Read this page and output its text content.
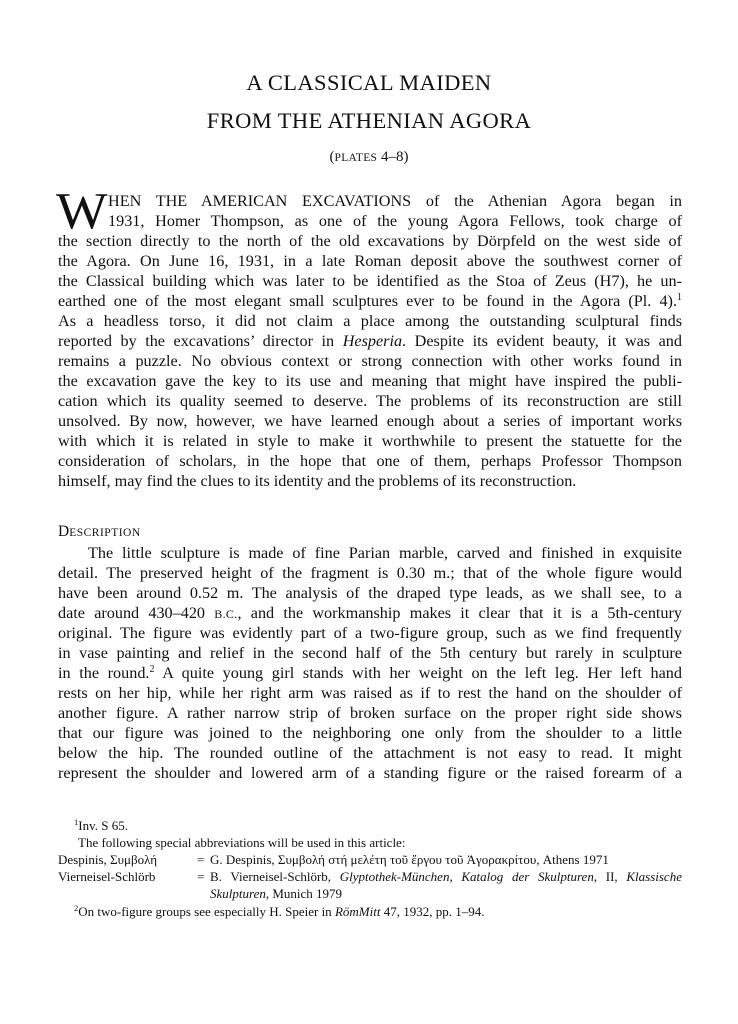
A CLASSICAL MAIDEN
FROM THE ATHENIAN AGORA
(PLATES 4–8)
W HEN THE AMERICAN EXCAVATIONS of the Athenian Agora began in
1931, Homer Thompson, as one of the young Agora Fellows, took charge of
the section directly to the north of the old excavations by Dörpfeld on the west side of
the Agora. On June 16, 1931, in a late Roman deposit above the southwest corner of
the Classical building which was later to be identified as the Stoa of Zeus (H7), he un-
earthed one of the most elegant small sculptures ever to be found in the Agora (Pl. 4).$^1$
As a headless torso, it did not claim a place among the outstanding sculptural finds
reported by the excavations’ director in Hesperia. Despite its evident beauty, it was and
remains a puzzle. No obvious context or strong connection with other works found in
the excavation gave the key to its use and meaning that might have inspired the publi-
cation which its quality seemed to deserve. The problems of its reconstruction are still
unsolved. By now, however, we have learned enough about a series of important works
with which it is related in style to make it worthwhile to present the statuette for the
consideration of scholars, in the hope that one of them, perhaps Professor Thompson
himself, may find the clues to its identity and the problems of its reconstruction.
DESCRIPTION
The little sculpture is made of fine Parian marble, carved and finished in exquisite
detail. The preserved height of the fragment is 0.30 m.; that of the whole figure would
have been around 0.52 m. The analysis of the draped type leads, as we shall see, to a
date around 430–420 B.C., and the workmanship makes it clear that it is a 5th-century
original. The figure was evidently part of a two-figure group, such as we find frequently
in vase painting and relief in the second half of the 5th century but rarely in sculpture
in the round.$^2$ A quite young girl stands with her weight on the left leg. Her left hand
rests on her hip, while her right arm was raised as if to rest the hand on the shoulder of
another figure. A rather narrow strip of broken surface on the proper right side shows
that our figure was joined to the neighboring one only from the shoulder to a little
below the hip. The rounded outline of the attachment is not easy to read. It might
represent the shoulder and lowered arm of a standing figure or the raised forearm of a
$^1$Inv. S 65.
The following special abbreviations will be used in this article:
Despinis, Συμβολή	= G. Despinis, Συμβολή στή μελέτη τοῦ ἔργου τοῦ Ἀγορακρίτου, Athens 1971
Vierneisel-Schlörb	= B. Vierneisel-Schlörb, Glyptothek-München, Katalog der Skulpturen, II, Klassische
Skulpturen, Munich 1979
$^2$On two-figure groups see especially H. Speier in RömMitt 47, 1932, pp. 1–94.
